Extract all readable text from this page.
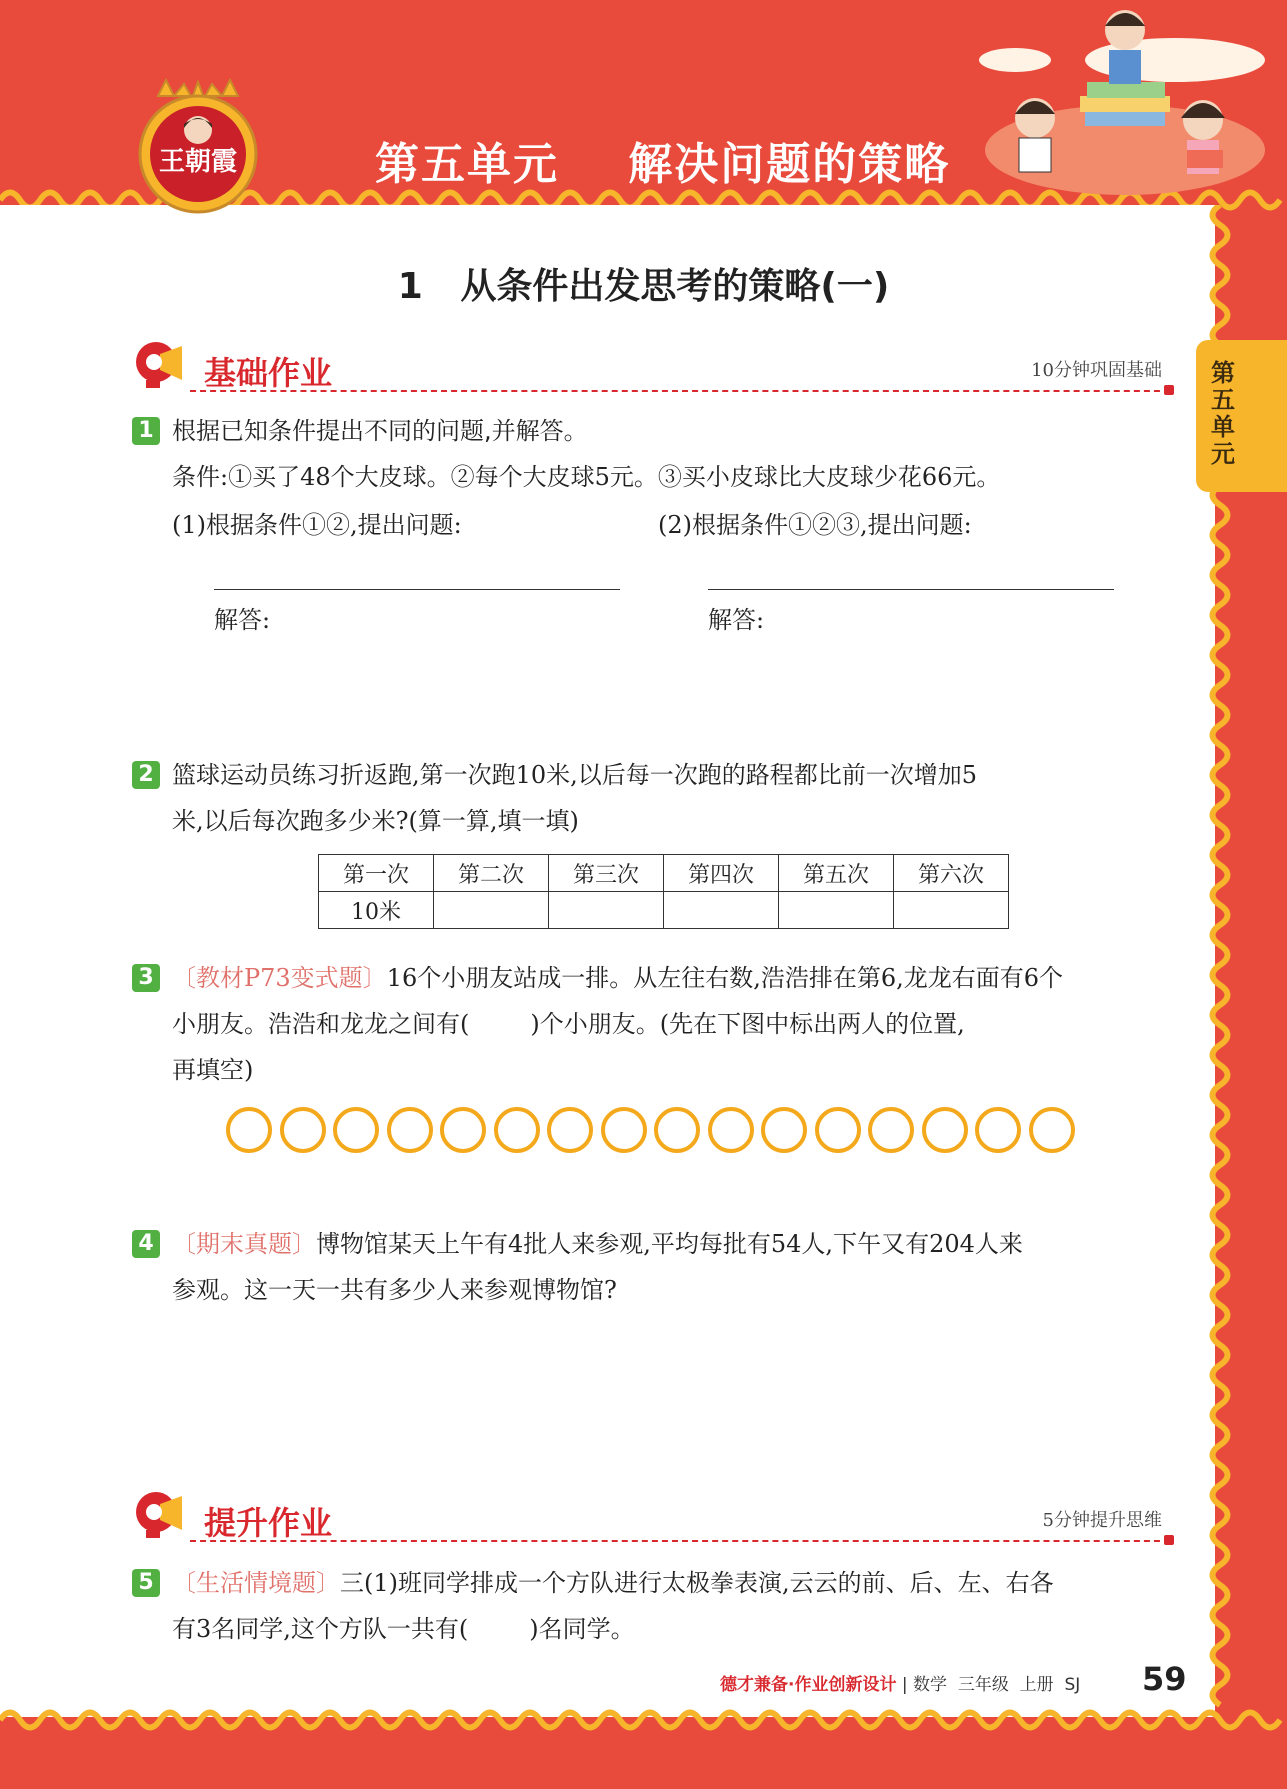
王朝霞	第五单元    解决问题的策略
第五单元
1   从条件出发思考的策略(一)
基础作业	10分钟巩固基础
1 根据已知条件提出不同的问题,并解答。
条件:①买了48个大皮球。②每个大皮球5元。③买小皮球比大皮球少花66元。
(1)根据条件①②,提出问题:	(2)根据条件①②③,提出问题:
解答:	解答:
2 篮球运动员练习折返跑,第一次跑10米,以后每一次跑的路程都比前一次增加5
米,以后每次跑多少米?(算一算,填一填)
第一次	第二次	第三次	第四次	第五次	第六次
10米					
3 〔教材P73变式题〕16个小朋友站成一排。从左往右数,浩浩排在第6,龙龙右面有6个
小朋友。浩浩和龙龙之间有(        )个小朋友。(先在下图中标出两人的位置,
再填空)
4 〔期末真题〕博物馆某天上午有4批人来参观,平均每批有54人,下午又有204人来
参观。这一天一共有多少人来参观博物馆?
提升作业	5分钟提升思维
5 〔生活情境题〕三(1)班同学排成一个方队进行太极拳表演,云云的前、后、左、右各
有3名同学,这个方队一共有(        )名同学。
德才兼备·作业创新设计 | 数学  三年级  上册  SJ 59
